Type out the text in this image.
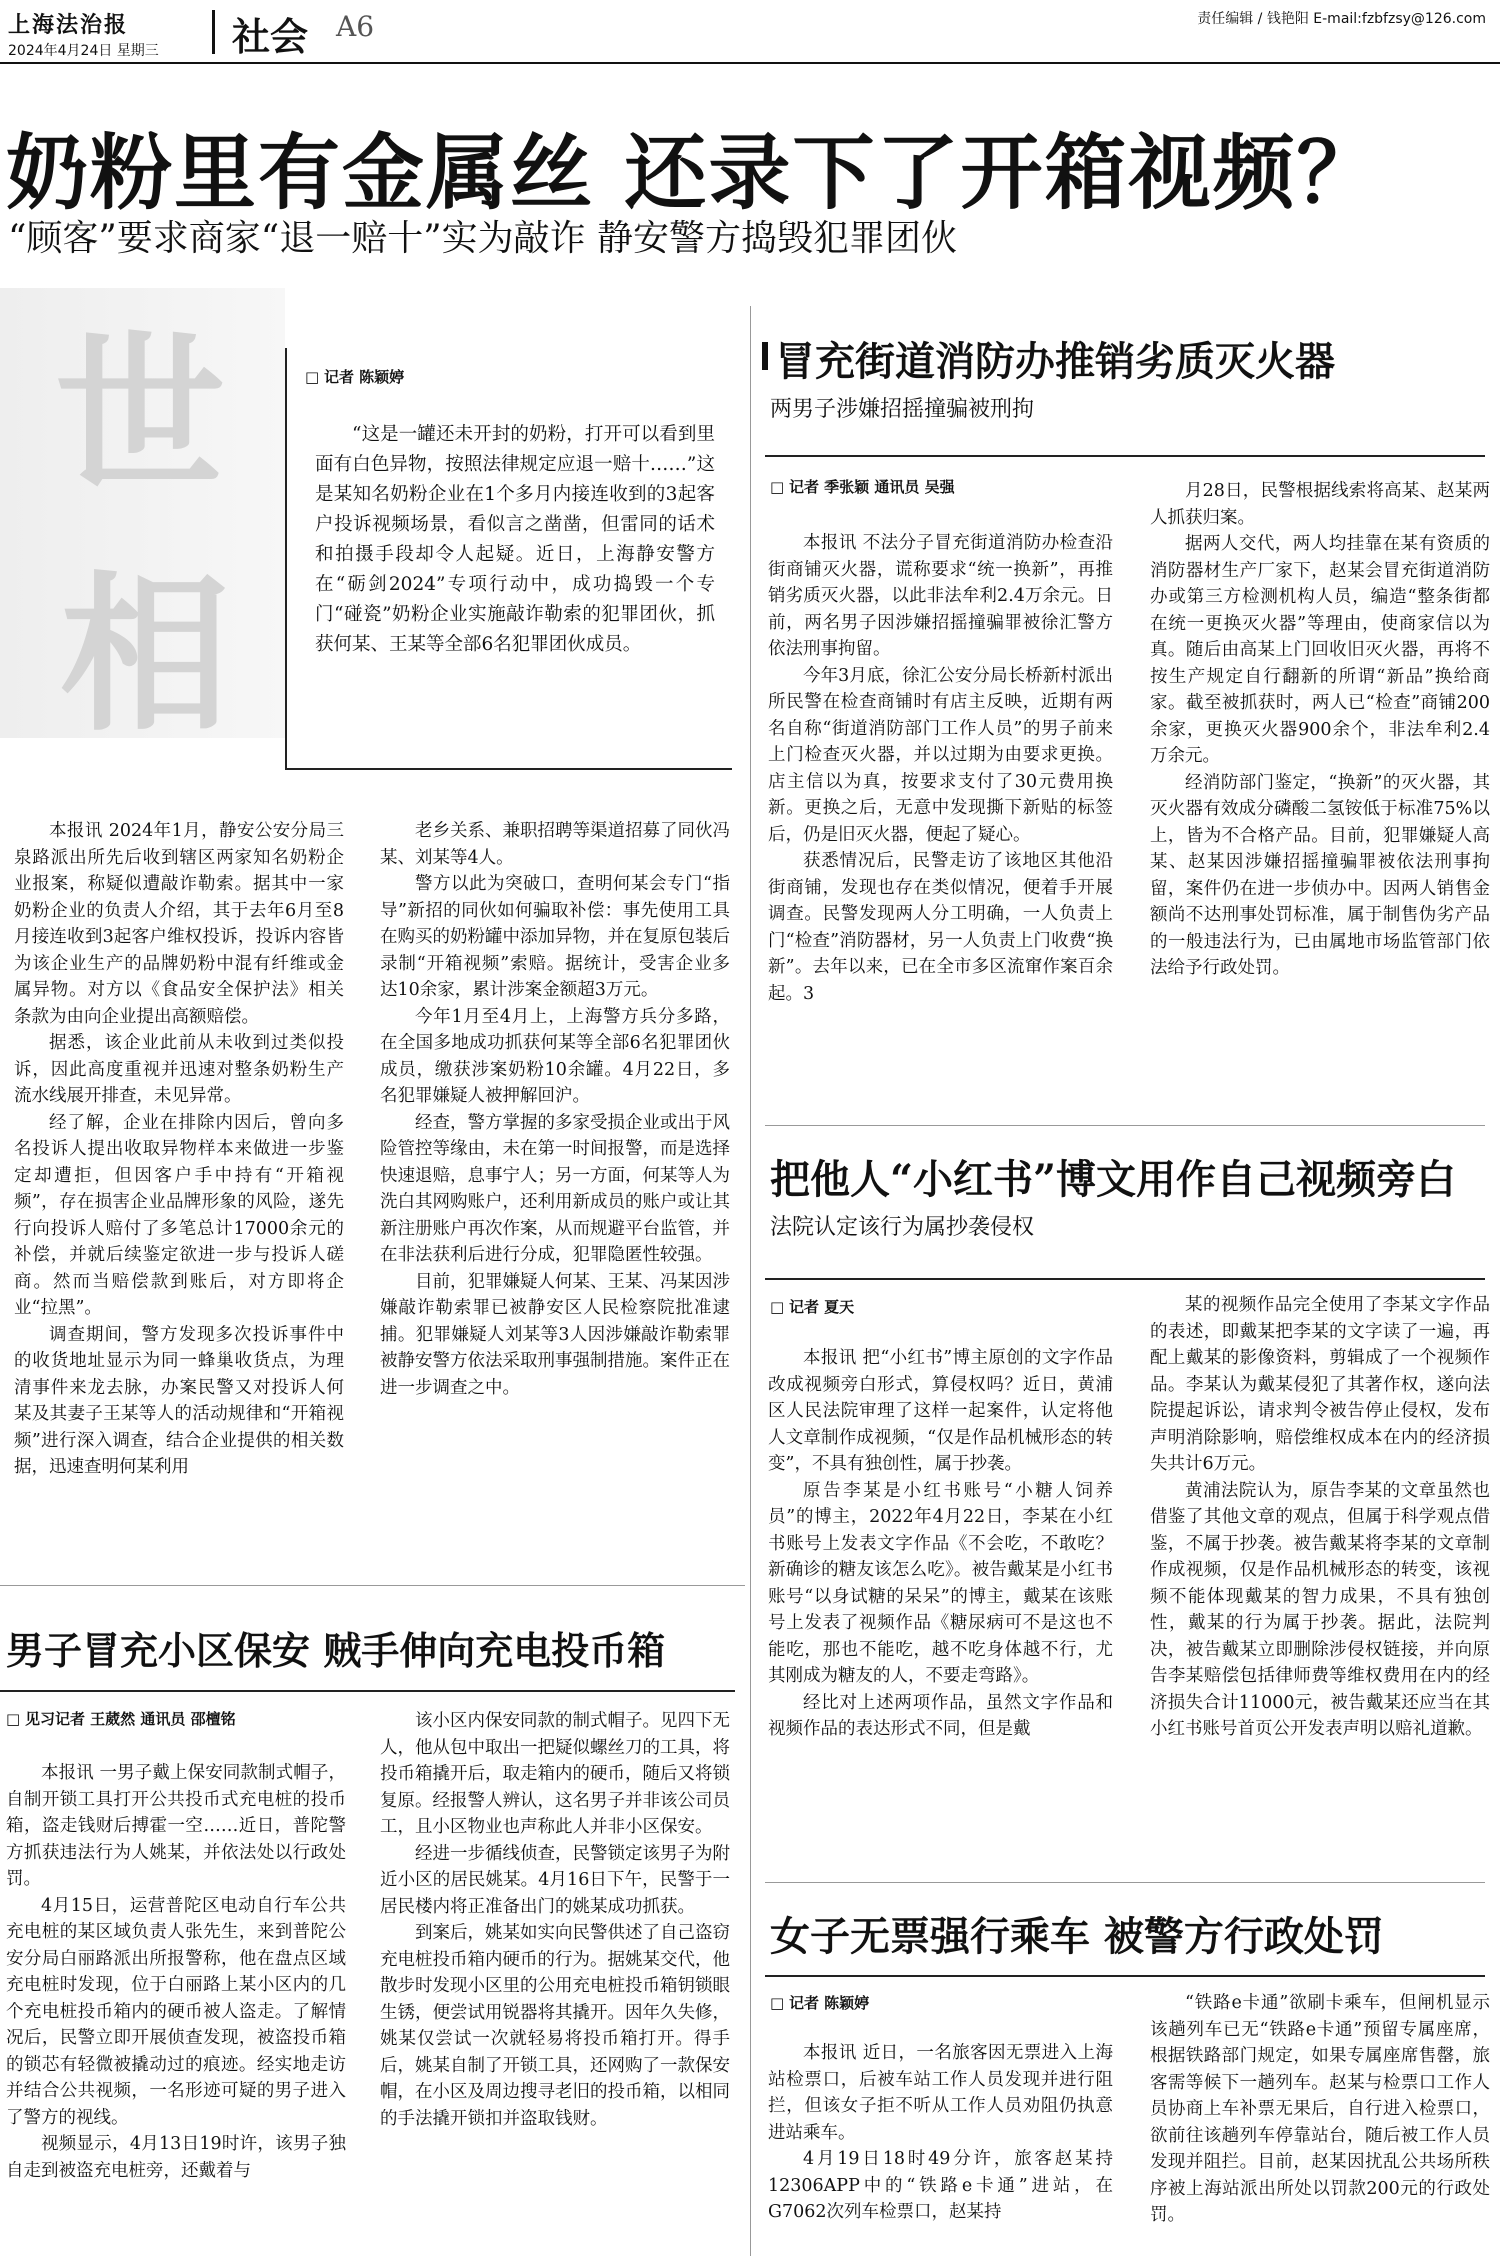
上海法治报
2024年4月24日 星期三 社会 A6	责任编辑 / 钱艳阳 E-mail:fzbfzsy@126.com
奶粉里有金属丝 还录下了开箱视频？
“顾客”要求商家“退一赔十”实为敲诈 静安警方捣毁犯罪团伙
世
相
□ 记者 陈颖婷
“这是一罐还未开封的奶粉，打开可以看到里面有白色异物，按照法律规定应退一赔十……”这是某知名奶粉企业在1个多月内接连收到的3起客户投诉视频场景，看似言之凿凿，但雷同的话术和拍摄手段却令人起疑。近日，上海静安警方在“砺剑2024”专项行动中，成功捣毁一个专门“碰瓷”奶粉企业实施敲诈勒索的犯罪团伙，抓获何某、王某等全部6名犯罪团伙成员。

本报讯 2024年1月，静安公安分局三泉路派出所先后收到辖区两家知名奶粉企业报案，称疑似遭敲诈勒索。据其中一家奶粉企业的负责人介绍，其于去年6月至8月接连收到3起客户维权投诉，投诉内容皆为该企业生产的品牌奶粉中混有纤维或金属异物。对方以《食品安全保护法》相关条款为由向企业提出高额赔偿。

据悉，该企业此前从未收到过类似投诉，因此高度重视并迅速对整条奶粉生产流水线展开排查，未见异常。

经了解，企业在排除内因后，曾向多名投诉人提出收取异物样本来做进一步鉴定却遭拒，但因客户手中持有“开箱视频”，存在损害企业品牌形象的风险，遂先行向投诉人赔付了多笔总计17000余元的补偿，并就后续鉴定欲进一步与投诉人磋商。然而当赔偿款到账后，对方即将企业“拉黑”。

调查期间，警方发现多次投诉事件中的收货地址显示为同一蜂巢收货点，为理清事件来龙去脉，办案民警又对投诉人何某及其妻子王某等人的活动规律和“开箱视频”进行深入调查，结合企业提供的相关数据，迅速查明何某利用

老乡关系、兼职招聘等渠道招募了同伙冯某、刘某等4人。

警方以此为突破口，查明何某会专门“指导”新招的同伙如何骗取补偿：事先使用工具在购买的奶粉罐中添加异物，并在复原包装后录制“开箱视频”索赔。据统计，受害企业多达10余家，累计涉案金额超3万元。

今年1月至4月上，上海警方兵分多路，在全国多地成功抓获何某等全部6名犯罪团伙成员，缴获涉案奶粉10余罐。4月22日，多名犯罪嫌疑人被押解回沪。

经查，警方掌握的多家受损企业或出于风险管控等缘由，未在第一时间报警，而是选择快速退赔，息事宁人；另一方面，何某等人为洗白其网购账户，还利用新成员的账户或让其新注册账户再次作案，从而规避平台监管，并在非法获利后进行分成，犯罪隐匿性较强。

目前，犯罪嫌疑人何某、王某、冯某因涉嫌敲诈勒索罪已被静安区人民检察院批准逮捕。犯罪嫌疑人刘某等3人因涉嫌敲诈勒索罪被静安警方依法采取刑事强制措施。案件正在进一步调查之中。

冒充街道消防办推销劣质灭火器
两男子涉嫌招摇撞骗被刑拘
□ 记者 季张颖 通讯员 吴强

本报讯 不法分子冒充街道消防办检查沿街商铺灭火器，谎称要求“统一换新”，再推销劣质灭火器，以此非法牟利2.4万余元。日前，两名男子因涉嫌招摇撞骗罪被徐汇警方依法刑事拘留。

今年3月底，徐汇公安分局长桥新村派出所民警在检查商铺时有店主反映，近期有两名自称“街道消防部门工作人员”的男子前来上门检查灭火器，并以过期为由要求更换。店主信以为真，按要求支付了30元费用换新。更换之后，无意中发现撕下新贴的标签后，仍是旧灭火器，便起了疑心。

获悉情况后，民警走访了该地区其他沿街商铺，发现也存在类似情况，便着手开展调查。民警发现两人分工明确，一人负责上门“检查”消防器材，另一人负责上门收费“换新”。去年以来，已在全市多区流窜作案百余起。3

月28日，民警根据线索将高某、赵某两人抓获归案。

据两人交代，两人均挂靠在某有资质的消防器材生产厂家下，赵某会冒充街道消防办或第三方检测机构人员，编造“整条街都在统一更换灭火器”等理由，使商家信以为真。随后由高某上门回收旧灭火器，再将不按生产规定自行翻新的所谓“新品”换给商家。截至被抓获时，两人已“检查”商铺200余家，更换灭火器900余个，非法牟利2.4万余元。

经消防部门鉴定，“换新”的灭火器，其灭火器有效成分磷酸二氢铵低于标准75%以上，皆为不合格产品。目前，犯罪嫌疑人高某、赵某因涉嫌招摇撞骗罪被依法刑事拘留，案件仍在进一步侦办中。因两人销售金额尚不达刑事处罚标准，属于制售伪劣产品的一般违法行为，已由属地市场监管部门依法给予行政处罚。

把他人“小红书”博文用作自己视频旁白
法院认定该行为属抄袭侵权
□ 记者 夏天

本报讯 把“小红书”博主原创的文字作品改成视频旁白形式，算侵权吗？近日，黄浦区人民法院审理了这样一起案件，认定将他人文章制作成视频，“仅是作品机械形态的转变”，不具有独创性，属于抄袭。

原告李某是小红书账号“小糖人饲养员”的博主，2022年4月22日，李某在小红书账号上发表文字作品《不会吃，不敢吃？新确诊的糖友该怎么吃》。被告戴某是小红书账号“以身试糖的呆呆”的博主，戴某在该账号上发表了视频作品《糖尿病可不是这也不能吃，那也不能吃，越不吃身体越不行，尤其刚成为糖友的人，不要走弯路》。

经比对上述两项作品，虽然文字作品和视频作品的表达形式不同，但是戴

某的视频作品完全使用了李某文字作品的表述，即戴某把李某的文字读了一遍，再配上戴某的影像资料，剪辑成了一个视频作品。李某认为戴某侵犯了其著作权，遂向法院提起诉讼，请求判令被告停止侵权，发布声明消除影响，赔偿维权成本在内的经济损失共计6万元。

黄浦法院认为，原告李某的文章虽然也借鉴了其他文章的观点，但属于科学观点借鉴，不属于抄袭。被告戴某将李某的文章制作成视频，仅是作品机械形态的转变，该视频不能体现戴某的智力成果，不具有独创性，戴某的行为属于抄袭。据此，法院判决，被告戴某立即删除涉侵权链接，并向原告李某赔偿包括律师费等维权费用在内的经济损失合计11000元，被告戴某还应当在其小红书账号首页公开发表声明以赔礼道歉。

男子冒充小区保安 贼手伸向充电投币箱
□ 见习记者 王葳然 通讯员 邵檀铭

本报讯 一男子戴上保安同款制式帽子，自制开锁工具打开公共投币式充电桩的投币箱，盗走钱财后搏霍一空……近日，普陀警方抓获违法行为人姚某，并依法处以行政处罚。

4月15日，运营普陀区电动自行车公共充电桩的某区域负责人张先生，来到普陀公安分局白丽路派出所报警称，他在盘点区域充电桩时发现，位于白丽路上某小区内的几个充电桩投币箱内的硬币被人盗走。了解情况后，民警立即开展侦查发现，被盗投币箱的锁芯有轻微被撬动过的痕迹。经实地走访并结合公共视频，一名形迹可疑的男子进入了警方的视线。

视频显示，4月13日19时许，该男子独自走到被盗充电桩旁，还戴着与

该小区内保安同款的制式帽子。见四下无人，他从包中取出一把疑似螺丝刀的工具，将投币箱撬开后，取走箱内的硬币，随后又将锁复原。经报警人辨认，这名男子并非该公司员工，且小区物业也声称此人并非小区保安。

经进一步循线侦查，民警锁定该男子为附近小区的居民姚某。4月16日下午，民警于一居民楼内将正准备出门的姚某成功抓获。

到案后，姚某如实向民警供述了自己盗窃充电桩投币箱内硬币的行为。据姚某交代，他散步时发现小区里的公用充电桩投币箱钥锁眼生锈，便尝试用锐器将其撬开。因年久失修，姚某仅尝试一次就轻易将投币箱打开。得手后，姚某自制了开锁工具，还网购了一款保安帽，在小区及周边搜寻老旧的投币箱，以相同的手法撬开锁扣并盗取钱财。

女子无票强行乘车 被警方行政处罚
□ 记者 陈颖婷

本报讯 近日，一名旅客因无票进入上海站检票口，后被车站工作人员发现并进行阻拦，但该女子拒不听从工作人员劝阻仍执意进站乘车。

4月19日18时49分许，旅客赵某持12306APP中的“铁路e卡通”进站，在G7062次列车检票口，赵某持

“铁路e卡通”欲刷卡乘车，但闸机显示该趟列车已无“铁路e卡通”预留专属座席，根据铁路部门规定，如果专属座席售罄，旅客需等候下一趟列车。赵某与检票口工作人员协商上车补票无果后，自行进入检票口，欲前往该趟列车停靠站台，随后被工作人员发现并阻拦。目前，赵某因扰乱公共场所秩序被上海站派出所处以罚款200元的行政处罚。
